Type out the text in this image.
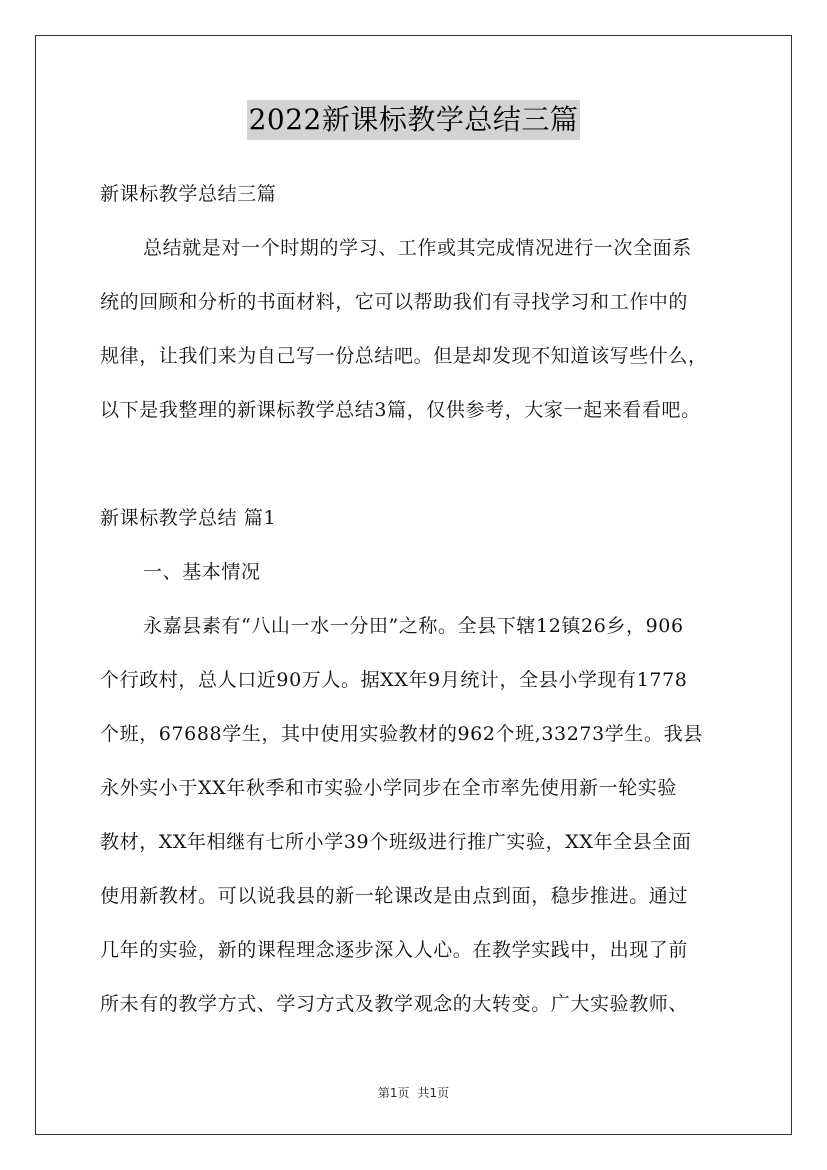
2022新课标教学总结三篇
新课标教学总结三篇
总结就是对一个时期的学习、工作或其完成情况进行一次全面系
统的回顾和分析的书面材料，它可以帮助我们有寻找学习和工作中的
规律，让我们来为自己写一份总结吧。但是却发现不知道该写些什么，
以下是我整理的新课标教学总结3篇，仅供参考，大家一起来看看吧。
新课标教学总结 篇1
一、基本情况
永嘉县素有“八山一水一分田”之称。全县下辖12镇26乡，906
个行政村，总人口近90万人。据XX年9月统计，全县小学现有1778
个班，67688学生，其中使用实验教材的962个班,33273学生。我县
永外实小于XX年秋季和市实验小学同步在全市率先使用新一轮实验
教材，XX年相继有七所小学39个班级进行推广实验，XX年全县全面
使用新教材。可以说我县的新一轮课改是由点到面，稳步推进。通过
几年的实验，新的课程理念逐步深入人心。在教学实践中，出现了前
所未有的教学方式、学习方式及教学观念的大转变。广大实验教师、
第1页 共1页
